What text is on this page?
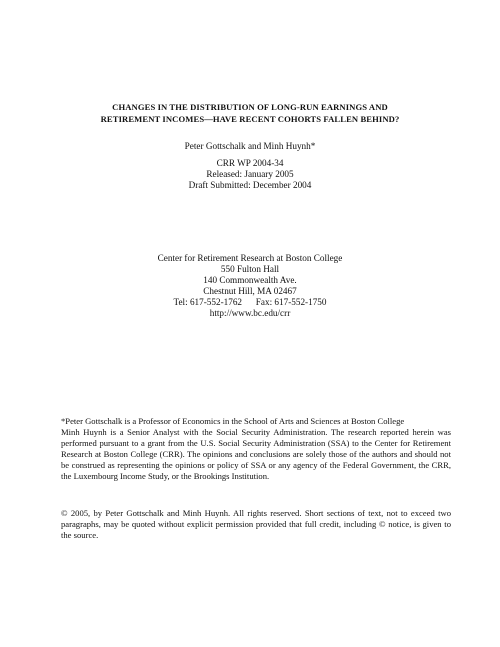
CHANGES IN THE DISTRIBUTION OF LONG-RUN EARNINGS AND
RETIREMENT INCOMES—HAVE RECENT COHORTS FALLEN BEHIND?
Peter Gottschalk and Minh Huynh*
CRR WP 2004-34
Released: January 2005
Draft Submitted: December 2004
Center for Retirement Research at Boston College
550 Fulton Hall
140 Commonwealth Ave.
Chestnut Hill, MA 02467
Tel: 617-552-1762 Fax: 617-552-1750
http://www.bc.edu/crr

*Peter Gottschalk is a Professor of Economics in the School of Arts and Sciences at Boston College

Minh Huynh is a Senior Analyst with the Social Security Administration. The research reported herein was performed pursuant to a grant from the U.S. Social Security Administration (SSA) to the Center for Retirement Research at Boston College (CRR). The opinions and conclusions are solely those of the authors and should not be construed as representing the opinions or policy of SSA or any agency of the Federal Government, the CRR, the Luxembourg Income Study, or the Brookings Institution.

© 2005, by Peter Gottschalk and Minh Huynh. All rights reserved. Short sections of text, not to exceed two paragraphs, may be quoted without explicit permission provided that full credit, including © notice, is given to the source.
